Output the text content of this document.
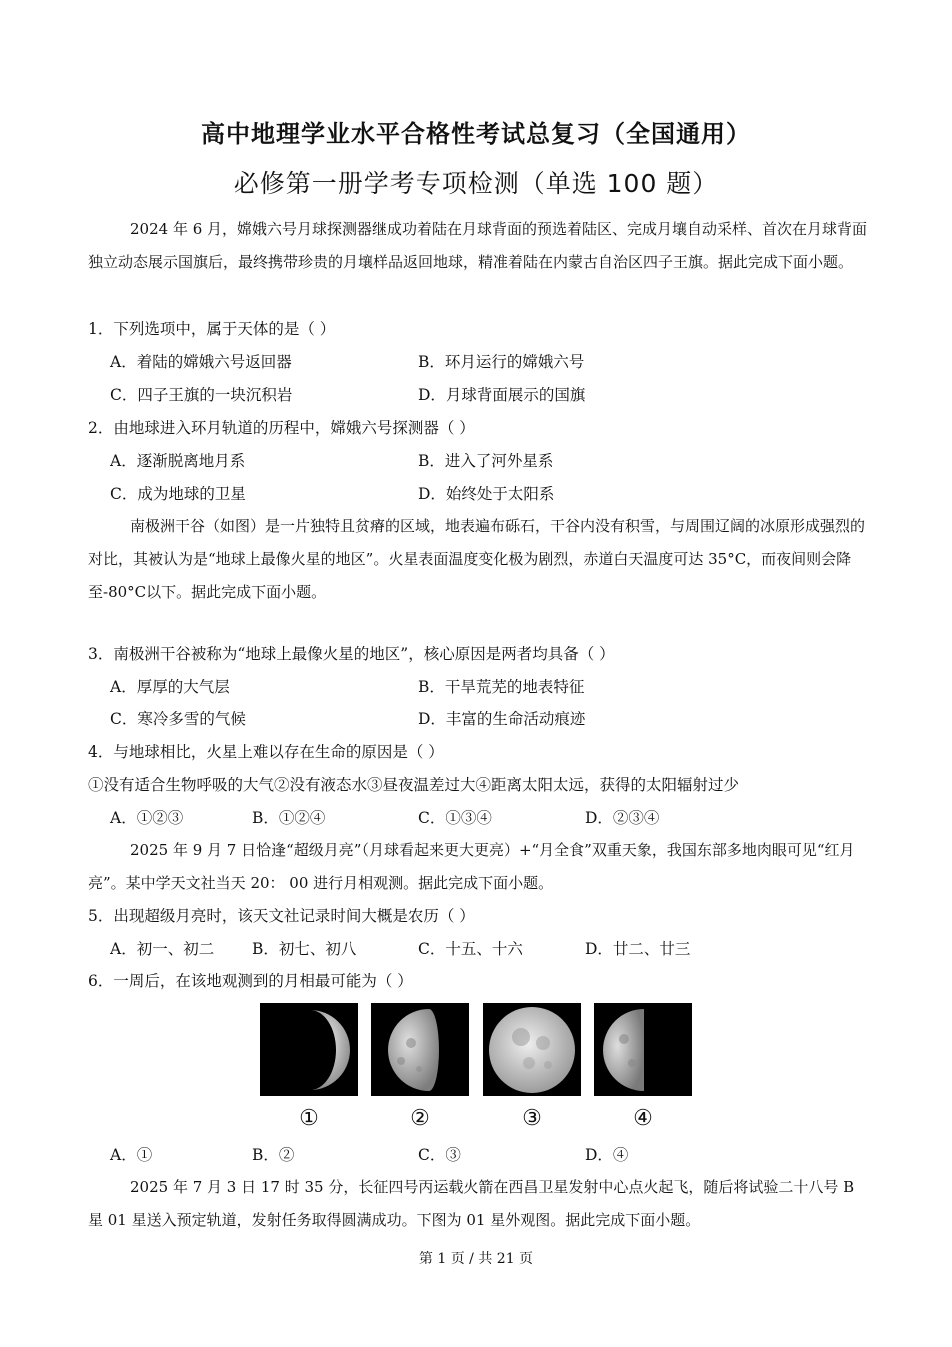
高中地理学业水平合格性考试总复习（全国通用）
必修第一册学考专项检测（单选 100 题）
2024 年 6 月，嫦娥六号月球探测器继成功着陆在月球背面的预选着陆区、完成月壤自动采样、首次在月球背面独立动态展示国旗后，最终携带珍贵的月壤样品返回地球，精准着陆在内蒙古自治区四子王旗。据此完成下面小题。
1．下列选项中，属于天体的是（ ）
A．着陆的嫦娥六号返回器	B．环月运行的嫦娥六号
C．四子王旗的一块沉积岩	D．月球背面展示的国旗
2．由地球进入环月轨道的历程中，嫦娥六号探测器（ ）
A．逐渐脱离地月系	B．进入了河外星系
C．成为地球的卫星	D．始终处于太阳系
南极洲干谷（如图）是一片独特且贫瘠的区域，地表遍布砾石，干谷内没有积雪，与周围辽阔的冰原形成强烈的对比，其被认为是“地球上最像火星的地区”。火星表面温度变化极为剧烈，赤道白天温度可达 35°C，而夜间则会降至-80°C以下。据此完成下面小题。
3．南极洲干谷被称为“地球上最像火星的地区”，核心原因是两者均具备（ ）
A．厚厚的大气层	B．干旱荒芜的地表特征
C．寒冷多雪的气候	D．丰富的生命活动痕迹
4．与地球相比，火星上难以存在生命的原因是（ ）
①没有适合生物呼吸的大气②没有液态水③昼夜温差过大④距离太阳太远，获得的太阳辐射过少
A．①②③	B．①②④	C．①③④	D．②③④
2025 年 9 月 7 日恰逢“超级月亮”（月球看起来更大更亮）+“月全食”双重天象，我国东部多地肉眼可见“红月亮”。某中学天文社当天 20： 00 进行月相观测。据此完成下面小题。
5．出现超级月亮时，该天文社记录时间大概是农历（ ）
A．初一、初二 B．初七、初八	C．十五、十六	D．廿二、廿三
6．一周后，在该地观测到的月相最可能为（ ）
①	②	③	④
A．①	B．②	C．③	D．④
2025 年 7 月 3 日 17 时 35 分，长征四号丙运载火箭在西昌卫星发射中心点火起飞，随后将试验二十八号 B 星 01 星送入预定轨道，发射任务取得圆满成功。下图为 01 星外观图。据此完成下面小题。
第 1 页 / 共 21 页
